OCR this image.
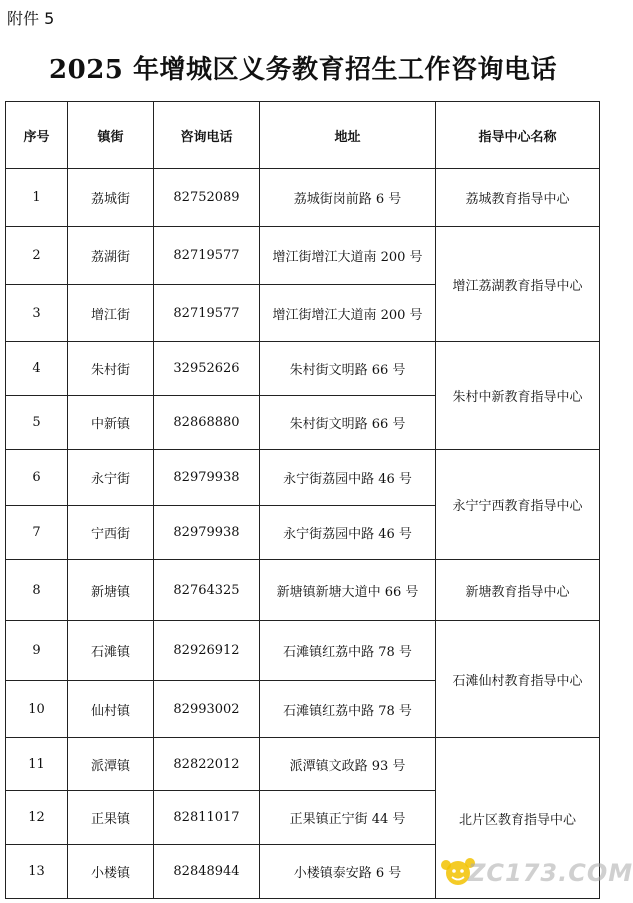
附件 5
2025 年增城区义务教育招生工作咨询电话
序号	镇街	咨询电话	地址	指导中心名称
1	荔城街	82752089	荔城街岗前路 6 号	荔城教育指导中心
2	荔湖街	82719577	增江街增江大道南 200 号	增江荔湖教育指导中心
3	增江街	82719577	增江街增江大道南 200 号	
4	朱村街	32952626	朱村街文明路 66 号	朱村中新教育指导中心
5	中新镇	82868880	朱村街文明路 66 号	
6	永宁街	82979938	永宁街荔园中路 46 号	永宁宁西教育指导中心
7	宁西街	82979938	永宁街荔园中路 46 号	
8	新塘镇	82764325	新塘镇新塘大道中 66 号	新塘教育指导中心
9	石滩镇	82926912	石滩镇红荔中路 78 号	石滩仙村教育指导中心
10	仙村镇	82993002	石滩镇红荔中路 78 号	
11	派潭镇	82822012	派潭镇文政路 93 号	北片区教育指导中心
12	正果镇	82811017	正果镇正宁街 44 号	
13	小楼镇	82848944	小楼镇泰安路 6 号		ZC173.COM
